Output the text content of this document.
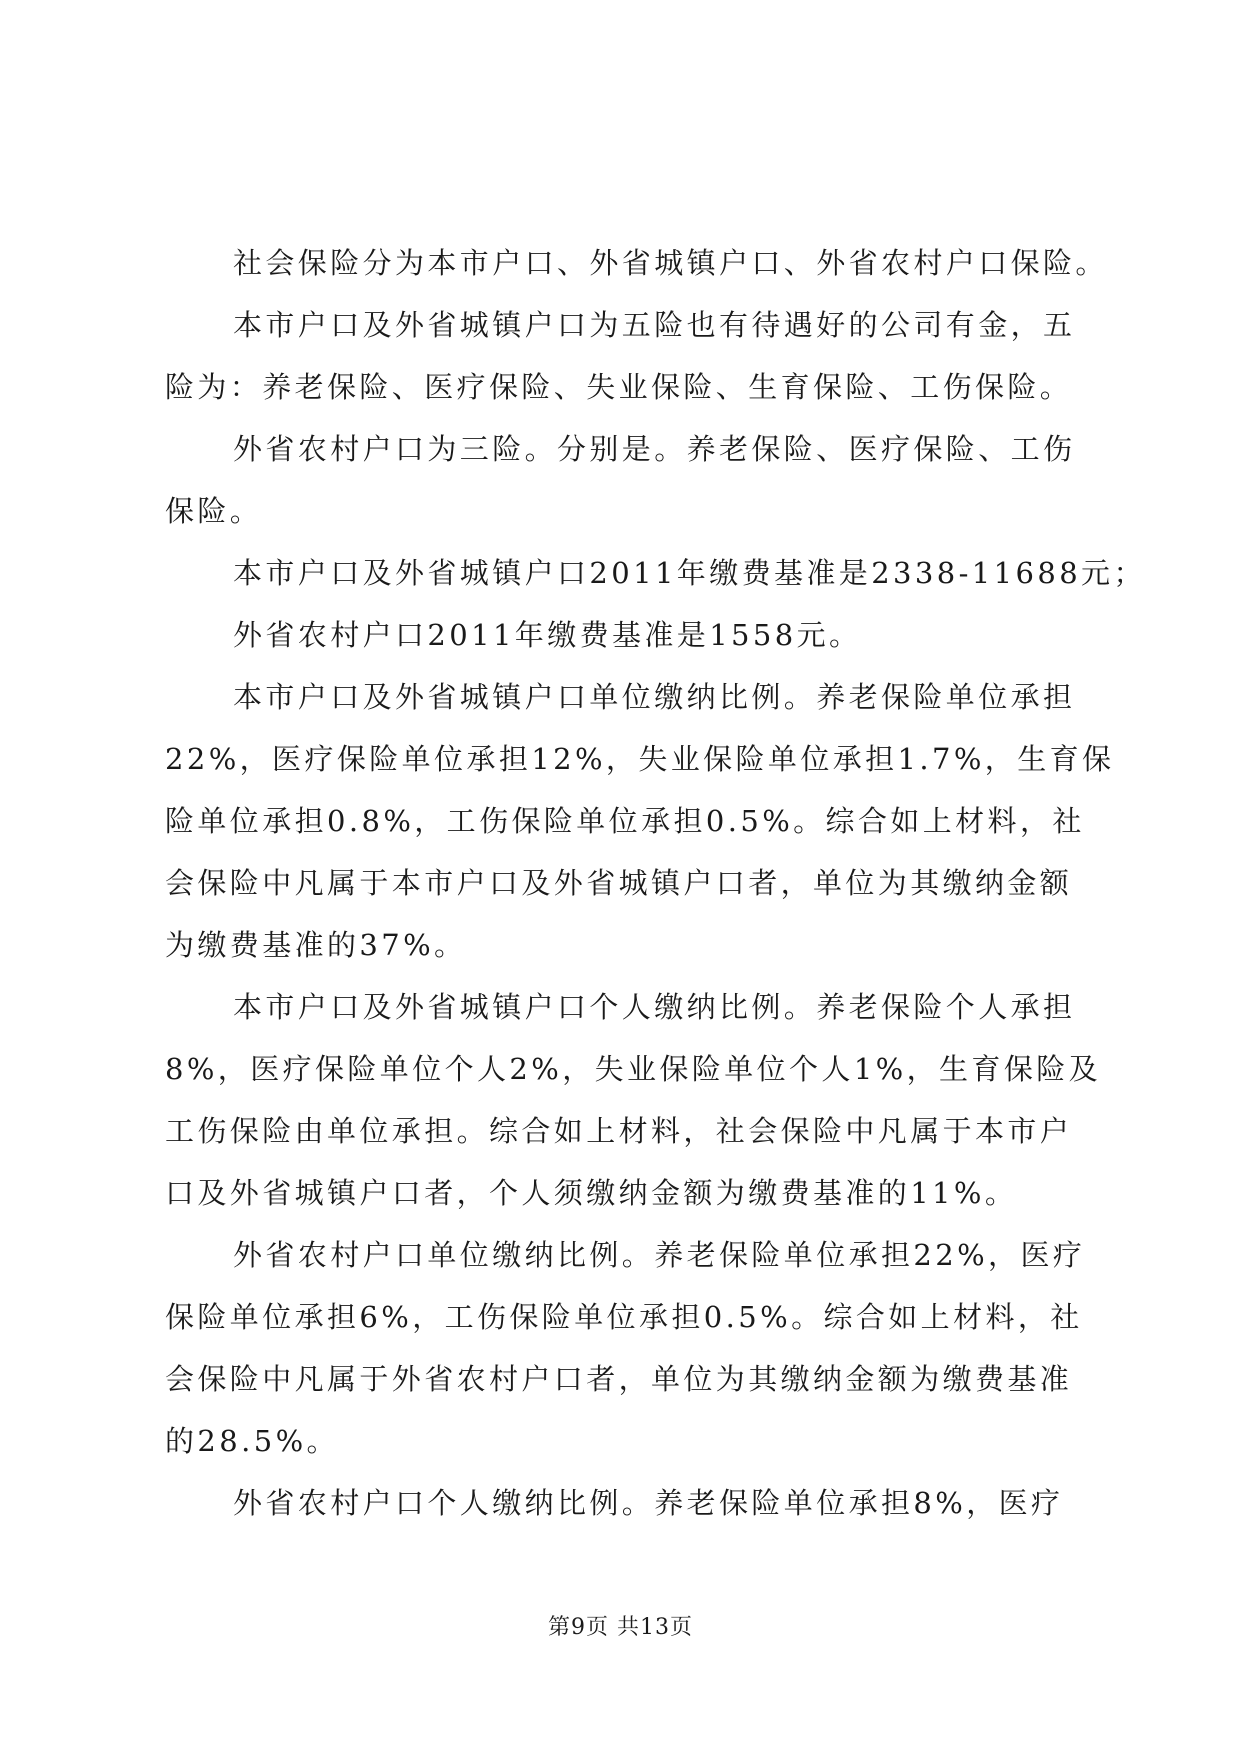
社会保险分为本市户口、外省城镇户口、外省农村户口保险。

本市户口及外省城镇户口为五险也有待遇好的公司有金，五
险为：养老保险、医疗保险、失业保险、生育保险、工伤保险。

外省农村户口为三险。分别是。养老保险、医疗保险、工伤
保险。

本市户口及外省城镇户口2011年缴费基准是2338-11688元；

外省农村户口2011年缴费基准是1558元。

本市户口及外省城镇户口单位缴纳比例。养老保险单位承担
22%，医疗保险单位承担12%，失业保险单位承担1.7%，生育保
险单位承担0.8%，工伤保险单位承担0.5%。综合如上材料，社
会保险中凡属于本市户口及外省城镇户口者，单位为其缴纳金额
为缴费基准的37%。

本市户口及外省城镇户口个人缴纳比例。养老保险个人承担
8%，医疗保险单位个人2%，失业保险单位个人1%，生育保险及
工伤保险由单位承担。综合如上材料，社会保险中凡属于本市户
口及外省城镇户口者，个人须缴纳金额为缴费基准的11%。

外省农村户口单位缴纳比例。养老保险单位承担22%，医疗
保险单位承担6%，工伤保险单位承担0.5%。综合如上材料，社
会保险中凡属于外省农村户口者，单位为其缴纳金额为缴费基准
的28.5%。

外省农村户口个人缴纳比例。养老保险单位承担8%，医疗

第9页 共13页
